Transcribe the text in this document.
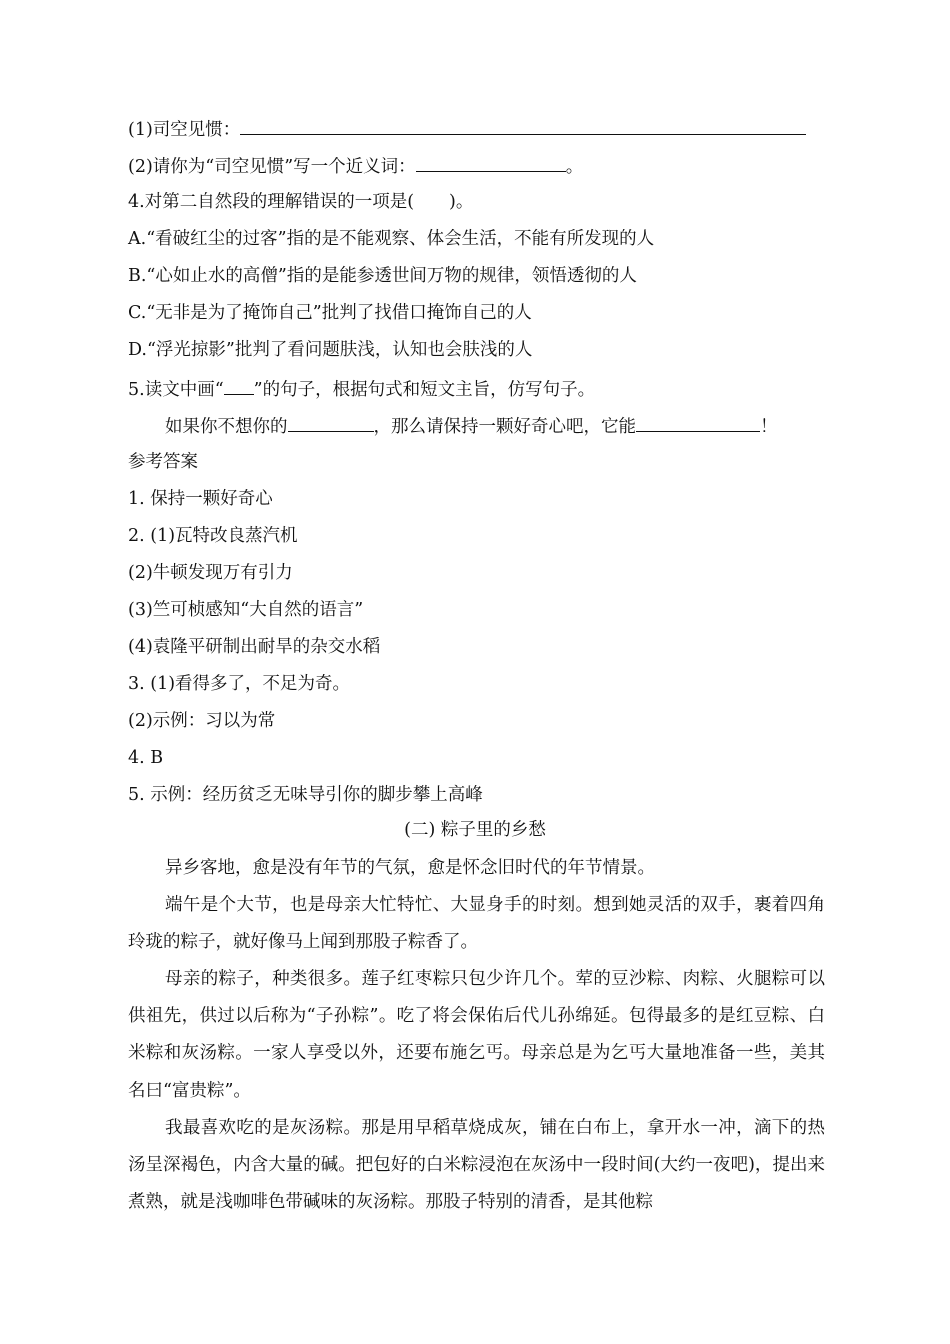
(1)司空见惯：
(2)请你为“司空见惯”写一个近义词：	。
4.对第二自然段的理解错误的一项是(　　)。
A.“看破红尘的过客”指的是不能观察、体会生活，不能有所发现的人
B.“心如止水的高僧”指的是能参透世间万物的规律，领悟透彻的人
C.“无非是为了掩饰自己”批判了找借口掩饰自己的人
D.“浮光掠影”批判了看问题肤浅，认知也会肤浅的人
5.读文中画“ ”的句子，根据句式和短文主旨，仿写句子。
如果你不想你的	，那么请保持一颗好奇心吧，它能	！
参考答案
1. 保持一颗好奇心
2. (1)瓦特改良蒸汽机
(2)牛顿发现万有引力
(3)竺可桢感知“大自然的语言”
(4)袁隆平研制出耐旱的杂交水稻
3. (1)看得多了，不足为奇。
(2)示例：习以为常
4. B
5. 示例：经历贫乏无味导引你的脚步攀上高峰
(二) 粽子里的乡愁
异乡客地，愈是没有年节的气氛，愈是怀念旧时代的年节情景。
端午是个大节，也是母亲大忙特忙、大显身手的时刻。想到她灵活的双手，裹着四角玲珑的粽子，就好像马上闻到那股子粽香了。
母亲的粽子，种类很多。莲子红枣粽只包少许几个。荤的豆沙粽、肉粽、火腿粽可以供祖先，供过以后称为“子孙粽”。吃了将会保佑后代儿孙绵延。包得最多的是红豆粽、白米粽和灰汤粽。一家人享受以外，还要布施乞丐。母亲总是为乞丐大量地准备一些，美其名曰“富贵粽”。
我最喜欢吃的是灰汤粽。那是用早稻草烧成灰，铺在白布上，拿开水一冲，滴下的热汤呈深褐色，内含大量的碱。把包好的白米粽浸泡在灰汤中一段时间(大约一夜吧)，提出来煮熟，就是浅咖啡色带碱味的灰汤粽。那股子特别的清香，是其他粽
